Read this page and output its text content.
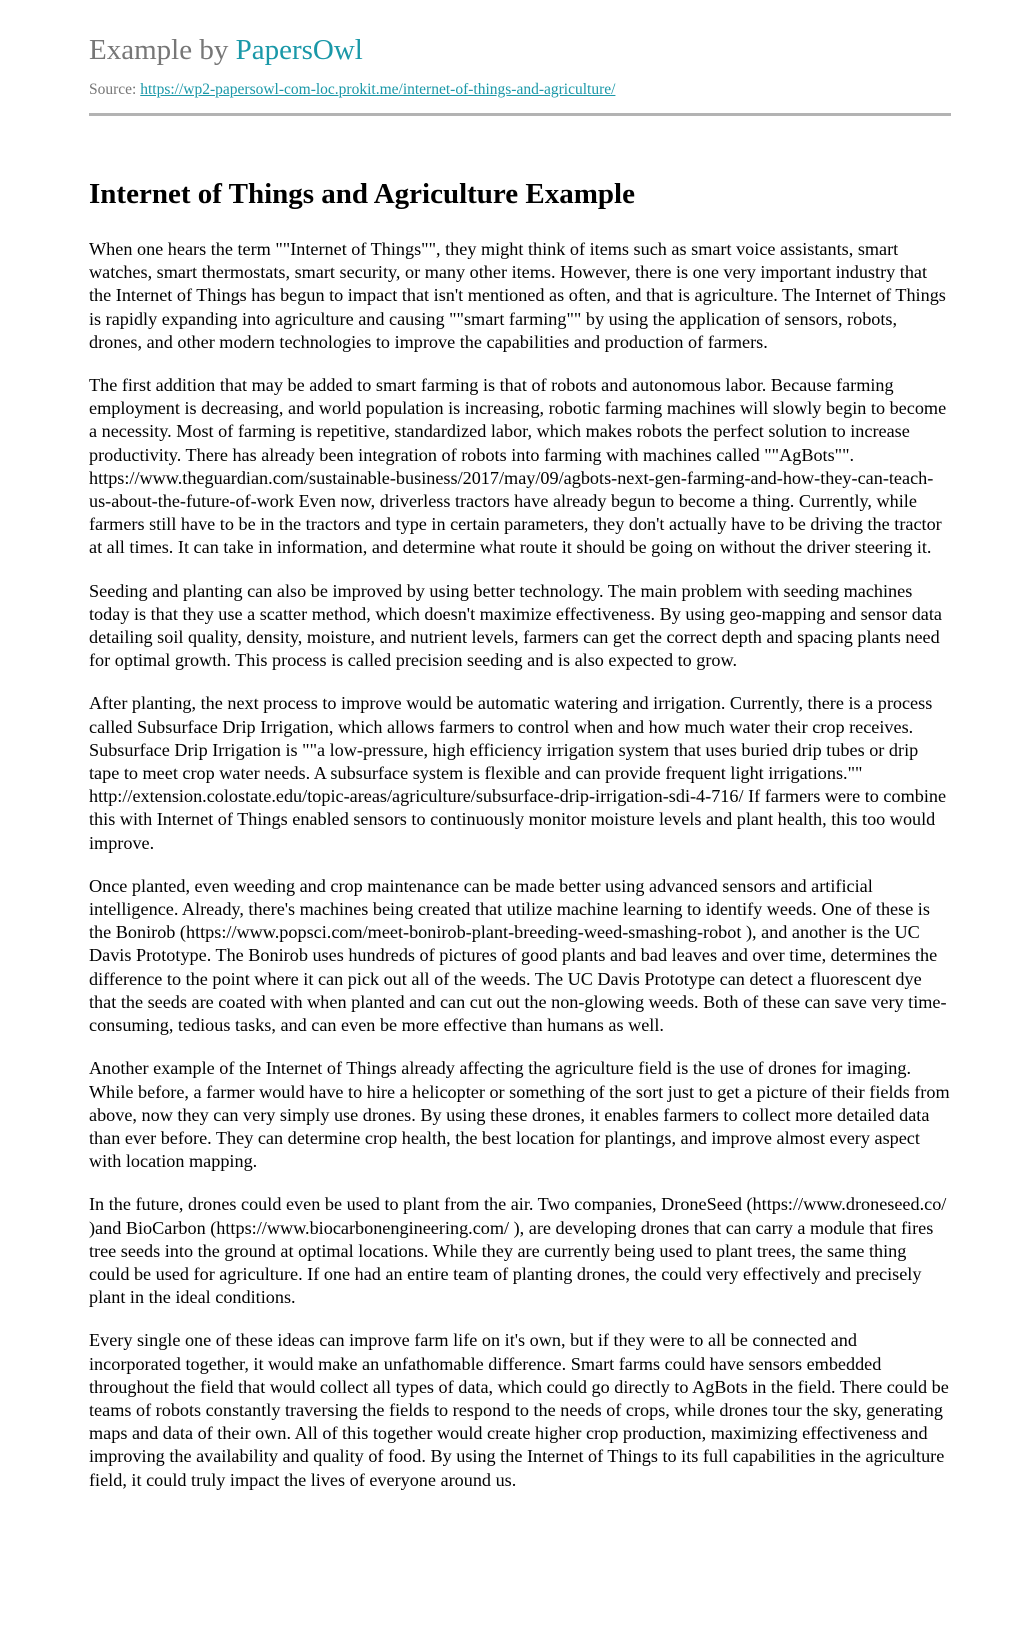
Example by PapersOwl
Source: https://wp2-papersowl-com-loc.prokit.me/internet-of-things-and-agriculture/
Internet of Things and Agriculture Example

When one hears the term ""Internet of Things"", they might think of items such as smart voice assistants, smart watches, smart thermostats, smart security, or many other items. However, there is one very important industry that the Internet of Things has begun to impact that isn't mentioned as often, and that is agriculture. The Internet of Things is rapidly expanding into agriculture and causing ""smart farming"" by using the application of sensors, robots, drones, and other modern technologies to improve the capabilities and production of farmers.

The first addition that may be added to smart farming is that of robots and autonomous labor. Because farming employment is decreasing, and world population is increasing, robotic farming machines will slowly begin to become a necessity. Most of farming is repetitive, standardized labor, which makes robots the perfect solution to increase productivity. There has already been integration of robots into farming with machines called ""AgBots"". https://www.theguardian.com/sustainable-business/2017/may/09/agbots-next-gen-farming-and-how-they-can-teach-us-about-the-future-of-work Even now, driverless tractors have already begun to become a thing. Currently, while farmers still have to be in the tractors and type in certain parameters, they don't actually have to be driving the tractor at all times. It can take in information, and determine what route it should be going on without the driver steering it.

Seeding and planting can also be improved by using better technology. The main problem with seeding machines today is that they use a scatter method, which doesn't maximize effectiveness. By using geo-mapping and sensor data detailing soil quality, density, moisture, and nutrient levels, farmers can get the correct depth and spacing plants need for optimal growth. This process is called precision seeding and is also expected to grow.

After planting, the next process to improve would be automatic watering and irrigation. Currently, there is a process called Subsurface Drip Irrigation, which allows farmers to control when and how much water their crop receives. Subsurface Drip Irrigation is ""a low-pressure, high efficiency irrigation system that uses buried drip tubes or drip tape to meet crop water needs. A subsurface system is flexible and can provide frequent light irrigations."" http://extension.colostate.edu/topic-areas/agriculture/subsurface-drip-irrigation-sdi-4-716/ If farmers were to combine this with Internet of Things enabled sensors to continuously monitor moisture levels and plant health, this too would improve.

Once planted, even weeding and crop maintenance can be made better using advanced sensors and artificial intelligence. Already, there's machines being created that utilize machine learning to identify weeds. One of these is the Bonirob (https://www.popsci.com/meet-bonirob-plant-breeding-weed-smashing-robot ), and another is the UC Davis Prototype. The Bonirob uses hundreds of pictures of good plants and bad leaves and over time, determines the difference to the point where it can pick out all of the weeds. The UC Davis Prototype can detect a fluorescent dye that the seeds are coated with when planted and can cut out the non-glowing weeds. Both of these can save very time-consuming, tedious tasks, and can even be more effective than humans as well.

Another example of the Internet of Things already affecting the agriculture field is the use of drones for imaging. While before, a farmer would have to hire a helicopter or something of the sort just to get a picture of their fields from above, now they can very simply use drones. By using these drones, it enables farmers to collect more detailed data than ever before. They can determine crop health, the best location for plantings, and improve almost every aspect with location mapping.

In the future, drones could even be used to plant from the air. Two companies, DroneSeed (https://www.droneseed.co/ )and BioCarbon (https://www.biocarbonengineering.com/ ), are developing drones that can carry a module that fires tree seeds into the ground at optimal locations. While they are currently being used to plant trees, the same thing could be used for agriculture. If one had an entire team of planting drones, the could very effectively and precisely plant in the ideal conditions.

Every single one of these ideas can improve farm life on it's own, but if they were to all be connected and incorporated together, it would make an unfathomable difference. Smart farms could have sensors embedded throughout the field that would collect all types of data, which could go directly to AgBots in the field. There could be teams of robots constantly traversing the fields to respond to the needs of crops, while drones tour the sky, generating maps and data of their own. All of this together would create higher crop production, maximizing effectiveness and improving the availability and quality of food. By using the Internet of Things to its full capabilities in the agriculture field, it could truly impact the lives of everyone around us.
